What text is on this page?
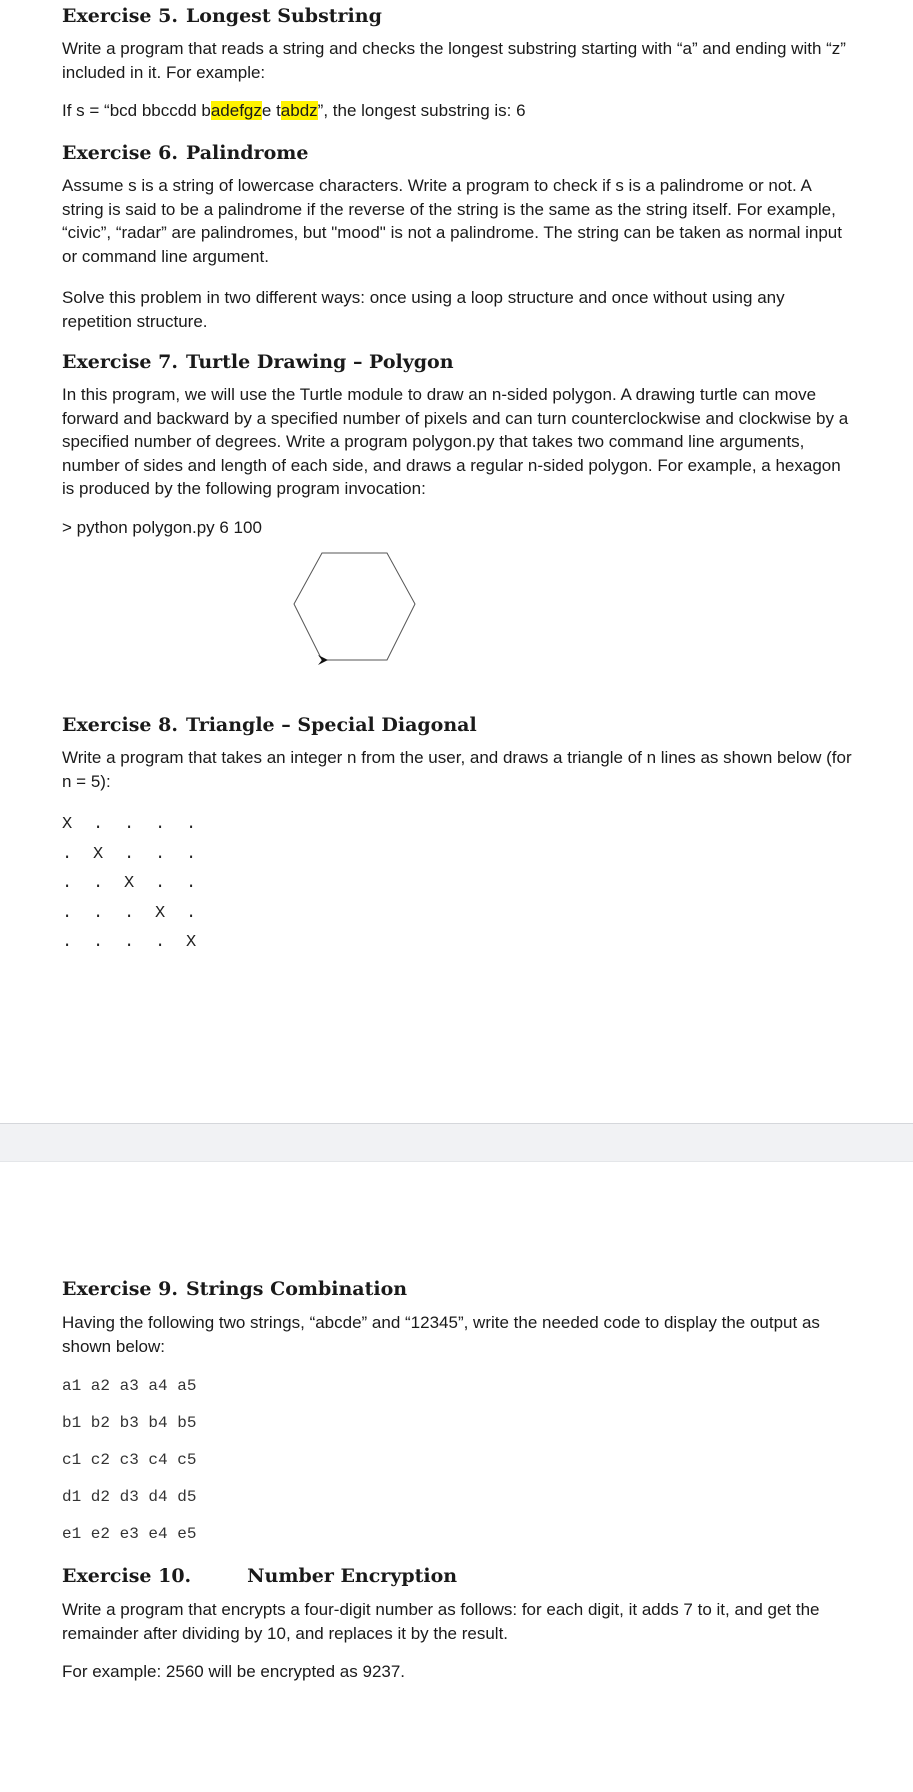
Exercise 5. Longest Substring

Write a program that reads a string and checks the longest substring starting with “a” and ending with “z” included in it. For example:

If s = “bcd bbccdd badefgze tabdz”, the longest substring is: 6

Exercise 6. Palindrome

Assume s is a string of lowercase characters. Write a program to check if s is a palindrome or not. A string is said to be a palindrome if the reverse of the string is the same as the string itself. For example, “civic”, “radar” are palindromes, but "mood" is not a palindrome. The string can be taken as normal input or command line argument.

Solve this problem in two different ways: once using a loop structure and once without using any repetition structure.

Exercise 7. Turtle Drawing – Polygon

In this program, we will use the Turtle module to draw an n-sided polygon. A drawing turtle can move forward and backward by a specified number of pixels and can turn counterclockwise and clockwise by a specified number of degrees. Write a program polygon.py that takes two command line arguments, number of sides and length of each side, and draws a regular n-sided polygon. For example, a hexagon is produced by the following program invocation:

> python polygon.py 6 100

Exercise 8. Triangle – Special Diagonal

Write a program that takes an integer n from the user, and draws a triangle of n lines as shown below (for n = 5):

X	.	.	.	.
.	X	.	.	.
.	.	X	.	.
.	.	.	X	.
.	.	.	.	X
Exercise 9. Strings Combination

Having the following two strings, “abcde” and “12345”, write the needed code to display the output as shown below:

a1 a2 a3 a4 a5
b1 b2 b3 b4 b5
c1 c2 c3 c4 c5
d1 d2 d3 d4 d5
e1 e2 e3 e4 e5
Exercise 10.	Number Encryption

Write a program that encrypts a four-digit number as follows: for each digit, it adds 7 to it, and get the remainder after dividing by 10, and replaces it by the result.

For example: 2560 will be encrypted as 9237.
